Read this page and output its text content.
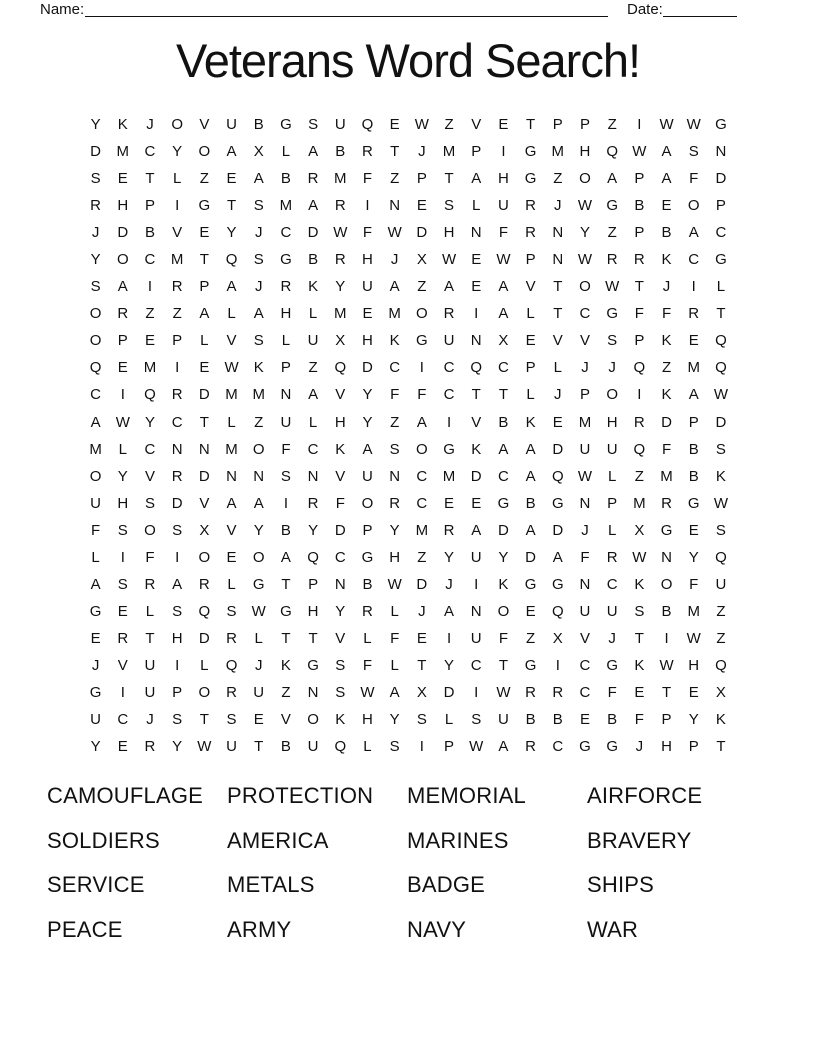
Name:	Date:
Veterans Word Search!
Y	K	J	O	V	U	B	G	S	U	Q	E	W	Z	V	E	T	P	P	Z	I	W W G
D	M	C	Y	O	A	X	L	A	B	R	T	J	M	P	I	G	M	H	Q W	A	S	N
S	E	T	L	Z	E	A	B	R	M	F	Z	P	T	A	H	G	Z	O	A	P	A	F	D
R	H	P	I	G	T	S	M	A	R	I	N	E	S	L	U	R	J	W G	B	E	O	P
J	D	B	V	E	Y	J	C	D W	F	W D	H	N	F	R	N	Y	Z	P	B	A	C
Y	O	C	M	T	Q	S	G	B	R	H	J	X	W	E	W	P	N W R	R	K	C	G
S	A	I	R	P	A	J	R	K	Y	U	A	Z	A	E	A	V	T	O W	T	J	I	L
O	R	Z	Z	A	L	A	H	L	M	E	M	O	R	I	A	L	T	C	G	F	F	R	T
O	P	E	P	L	V	S	L	U	X	H	K	G	U	N	X	E	V	V	S	P	K	E	Q
Q	E	M	I	E	W	K	P	Z	Q	D	C	I	C	Q	C	P	L	J	J	Q	Z	M	Q
C	I	Q	R	D	M M	N	A	V	Y	F	F	C	T	T	L	J	P	O	I	K	A	W
A	W	Y	C	T	L	Z	U	L	H	Y	Z	A	I	V	B	K	E	M	H	R	D	P	D
M	L	C	N	N	M	O	F	C	K	A	S	O	G	K	A	A	D	U	U	Q	F	B	S
O	Y	V	R	D	N	N	S	N	V	U	N	C	M	D	C	A	Q W	L	Z	M	B	K
U	H	S	D	V	A	A	I	R	F	O	R	C	E	E	G	B	G	N	P	M	R	G W
F	S	O	S	X	V	Y	B	Y	D	P	Y	M	R	A	D	A	D	J	L	X	G	E	S
L	I	F	I	O	E	O	A	Q	C	G	H	Z	Y	U	Y	D	A	F	R W N	Y	Q
A	S	R	A	R	L	G	T	P	N	B	W D	J	I	K	G	G	N	C	K	O	F	U
G	E	L	S	Q	S	W G	H	Y	R	L	J	A	N	O	E	Q	U	U	S	B	M	Z
E	R	T	H	D	R	L	T	T	V	L	F	E	I	U	F	Z	X	V	J	T	I	W	Z
J	V	U	I	L	Q	J	K	G	S	F	L	T	Y	C	T	G	I	C	G	K	W H	Q
G	I	U	P	O	R	U	Z	N	S	W	A	X	D	I	W R	R	C	F	E	T	E	X
U	C	J	S	T	S	E	V	O	K	H	Y	S	L	S	U	B	B	E	B	F	P	Y	K
Y	E	R	Y	W U	T	B	U	Q	L	S	I	P	W	A	R	C	G	G	J	H	P	T
CAMOUFLAGE	PROTECTION	MEMORIAL	AIRFORCE
SOLDIERS	AMERICA	MARINES	BRAVERY
SERVICE	METALS	BADGE	SHIPS
PEACE	ARMY	NAVY	WAR
